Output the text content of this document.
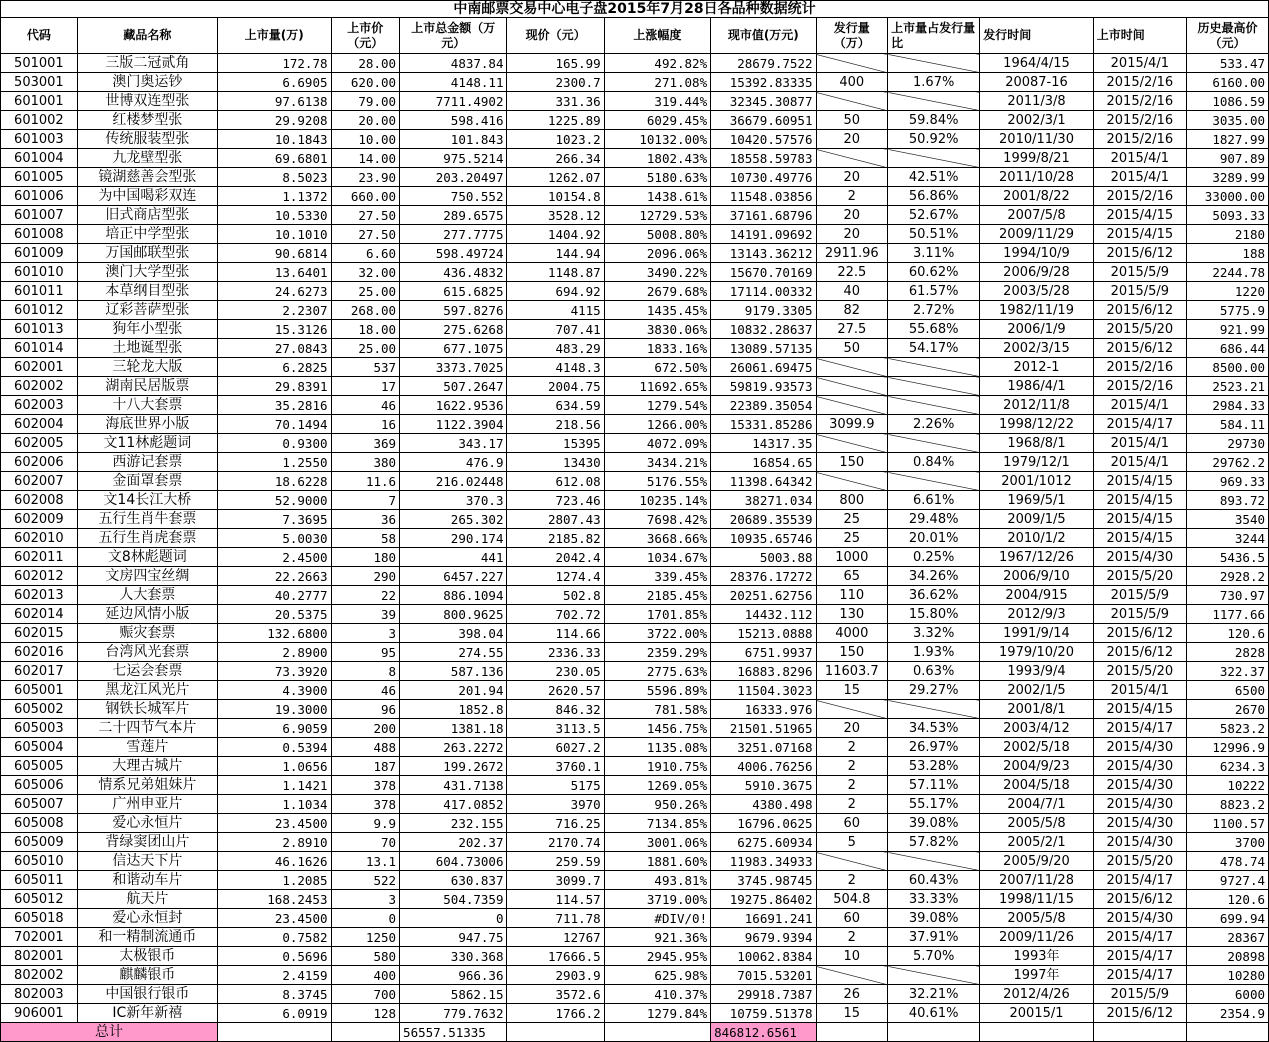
中南邮票交易中心电子盘2015年7月28日各品种数据统计												
代码	藏品名称	上市量(万)	上市价（元）	上市总金额（万元）	现价（元）	上涨幅度	现市值(万元)	发行量（万）	上市量占发行量比	发行时间	上市时间	历史最高价（元）
501001	三版二冠贰角	172.78	28.00	4837.84	165.99	492.82%	28679.7522			1964/4/15	2015/4/1	533.47
503001	澳门奥运钞	6.6905	620.00	4148.11	2300.7	271.08%	15392.83335	400	1.67%	20087-16	2015/2/16	6160.00
601001	世博双连型张	97.6138	79.00	7711.4902	331.36	319.44%	32345.30877			2011/3/8	2015/2/16	1086.59
601002	红楼梦型张	29.9208	20.00	598.416	1225.89	6029.45%	36679.60951	50	59.84%	2002/3/1	2015/2/16	3035.00
601003	传统服装型张	10.1843	10.00	101.843	1023.2	10132.00%	10420.57576	20	50.92%	2010/11/30	2015/2/16	1827.99
601004	九龙壁型张	69.6801	14.00	975.5214	266.34	1802.43%	18558.59783			1999/8/21	2015/4/1	907.89
601005	镜湖慈善会型张	8.5023	23.90	203.20497	1262.07	5180.63%	10730.49776	20	42.51%	2011/10/28	2015/4/1	3289.99
601006	为中国喝彩双连	1.1372	660.00	750.552	10154.8	1438.61%	11548.03856	2	56.86%	2001/8/22	2015/2/16	33000.00
601007	旧式商店型张	10.5330	27.50	289.6575	3528.12	12729.53%	37161.68796	20	52.67%	2007/5/8	2015/4/15	5093.33
601008	培正中学型张	10.1010	27.50	277.7775	1404.92	5008.80%	14191.09692	20	50.51%	2009/11/29	2015/4/15	2180
601009	万国邮联型张	90.6814	6.60	598.49724	144.94	2096.06%	13143.36212	2911.96	3.11%	1994/10/9	2015/6/12	188
601010	澳门大学型张	13.6401	32.00	436.4832	1148.87	3490.22%	15670.70169	22.5	60.62%	2006/9/28	2015/5/9	2244.78
601011	本草纲目型张	24.6273	25.00	615.6825	694.92	2679.68%	17114.00332	40	61.57%	2003/5/28	2015/5/9	1220
601012	辽彩菩萨型张	2.2307	268.00	597.8276	4115	1435.45%	9179.3305	82	2.72%	1982/11/19	2015/6/12	5775.9
601013	狗年小型张	15.3126	18.00	275.6268	707.41	3830.06%	10832.28637	27.5	55.68%	2006/1/9	2015/5/20	921.99
601014	土地诞型张	27.0843	25.00	677.1075	483.29	1833.16%	13089.57135	50	54.17%	2002/3/15	2015/6/12	686.44
602001	三轮龙大版	6.2825	537	3373.7025	4148.3	672.50%	26061.69475			2012-1	2015/2/16	8500.00
602002	湖南民居版票	29.8391	17	507.2647	2004.75	11692.65%	59819.93573			1986/4/1	2015/2/16	2523.21
602003	十八大套票	35.2816	46	1622.9536	634.59	1279.54%	22389.35054			2012/11/8	2015/4/1	2984.33
602004	海底世界小版	70.1494	16	1122.3904	218.56	1266.00%	15331.85286	3099.9	2.26%	1998/12/22	2015/4/17	584.11
602005	文11林彪题词	0.9300	369	343.17	15395	4072.09%	14317.35			1968/8/1	2015/4/1	29730
602006	西游记套票	1.2550	380	476.9	13430	3434.21%	16854.65	150	0.84%	1979/12/1	2015/4/1	29762.2
602007	金面罩套票	18.6228	11.6	216.02448	612.08	5176.55%	11398.64342			2001/1012	2015/4/15	969.33
602008	文14长江大桥	52.9000	7	370.3	723.46	10235.14%	38271.034	800	6.61%	1969/5/1	2015/4/15	893.72
602009	五行生肖牛套票	7.3695	36	265.302	2807.43	7698.42%	20689.35539	25	29.48%	2009/1/5	2015/4/15	3540
602010	五行生肖虎套票	5.0030	58	290.174	2185.82	3668.66%	10935.65746	25	20.01%	2010/1/2	2015/4/15	3244
602011	文8林彪题词	2.4500	180	441	2042.4	1034.67%	5003.88	1000	0.25%	1967/12/26	2015/4/30	5436.5
602012	文房四宝丝绸	22.2663	290	6457.227	1274.4	339.45%	28376.17272	65	34.26%	2006/9/10	2015/5/20	2928.2
602013	人大套票	40.2777	22	886.1094	502.8	2185.45%	20251.62756	110	36.62%	2004/915	2015/5/9	730.97
602014	延边风情小版	20.5375	39	800.9625	702.72	1701.85%	14432.112	130	15.80%	2012/9/3	2015/5/9	1177.66
602015	赈灾套票	132.6800	3	398.04	114.66	3722.00%	15213.0888	4000	3.32%	1991/9/14	2015/6/12	120.6
602016	台湾风光套票	2.8900	95	274.55	2336.33	2359.29%	6751.9937	150	1.93%	1979/10/20	2015/6/12	2828
602017	七运会套票	73.3920	8	587.136	230.05	2775.63%	16883.8296	11603.7	0.63%	1993/9/4	2015/5/20	322.37
605001	黑龙江风光片	4.3900	46	201.94	2620.57	5596.89%	11504.3023	15	29.27%	2002/1/5	2015/4/1	6500
605002	钢铁长城军片	19.3000	96	1852.8	846.32	781.58%	16333.976			2001/8/1	2015/4/15	2670
605003	二十四节气本片	6.9059	200	1381.18	3113.5	1456.75%	21501.51965	20	34.53%	2003/4/12	2015/4/17	5823.2
605004	雪莲片	0.5394	488	263.2272	6027.2	1135.08%	3251.07168	2	26.97%	2002/5/18	2015/4/30	12996.9
605005	大理古城片	1.0656	187	199.2672	3760.1	1910.75%	4006.76256	2	53.28%	2004/9/23	2015/4/30	6234.3
605006	情系兄弟姐妹片	1.1421	378	431.7138	5175	1269.05%	5910.3675	2	57.11%	2004/5/18	2015/4/30	10222
605007	广州申亚片	1.1034	378	417.0852	3970	950.26%	4380.498	2	55.17%	2004/7/1	2015/4/30	8823.2
605008	爱心永恒片	23.4500	9.9	232.155	716.25	7134.85%	16796.0625	60	39.08%	2005/5/8	2015/4/30	1100.57
605009	背绿窦团山片	2.8910	70	202.37	2170.74	3001.06%	6275.60934	5	57.82%	2005/2/1	2015/4/30	3700
605010	信达天下片	46.1626	13.1	604.73006	259.59	1881.60%	11983.34933			2005/9/20	2015/5/20	478.74
605011	和谐动车片	1.2085	522	630.837	3099.7	493.81%	3745.98745	2	60.43%	2007/11/28	2015/4/17	9727.4
605012	航天片	168.2453	3	504.7359	114.57	3719.00%	19275.86402	504.8	33.33%	1998/11/15	2015/6/12	120.6
605018	爱心永恒封	23.4500	0	0	711.78	#DIV/0!	16691.241	60	39.08%	2005/5/8	2015/4/30	699.94
702001	和一精制流通币	0.7582	1250	947.75	12767	921.36%	9679.9394	2	37.91%	2009/11/26	2015/4/17	28367
802001	太极银币	0.5696	580	330.368	17666.5	2945.95%	10062.8384	10	5.70%	1993年	2015/4/17	20898
802002	麒麟银币	2.4159	400	966.36	2903.9	625.98%	7015.53201			1997年	2015/4/17	10280
802003	中国银行银币	8.3745	700	5862.15	3572.6	410.37%	29918.7387	26	32.21%	2012/4/26	2015/5/9	6000
906001	IC新年新禧	6.0919	128	779.7632	1766.2	1279.84%	10759.51378	15	40.61%	20015/1	2015/6/12	2354.9
总计				56557.51335			846812.6561					
